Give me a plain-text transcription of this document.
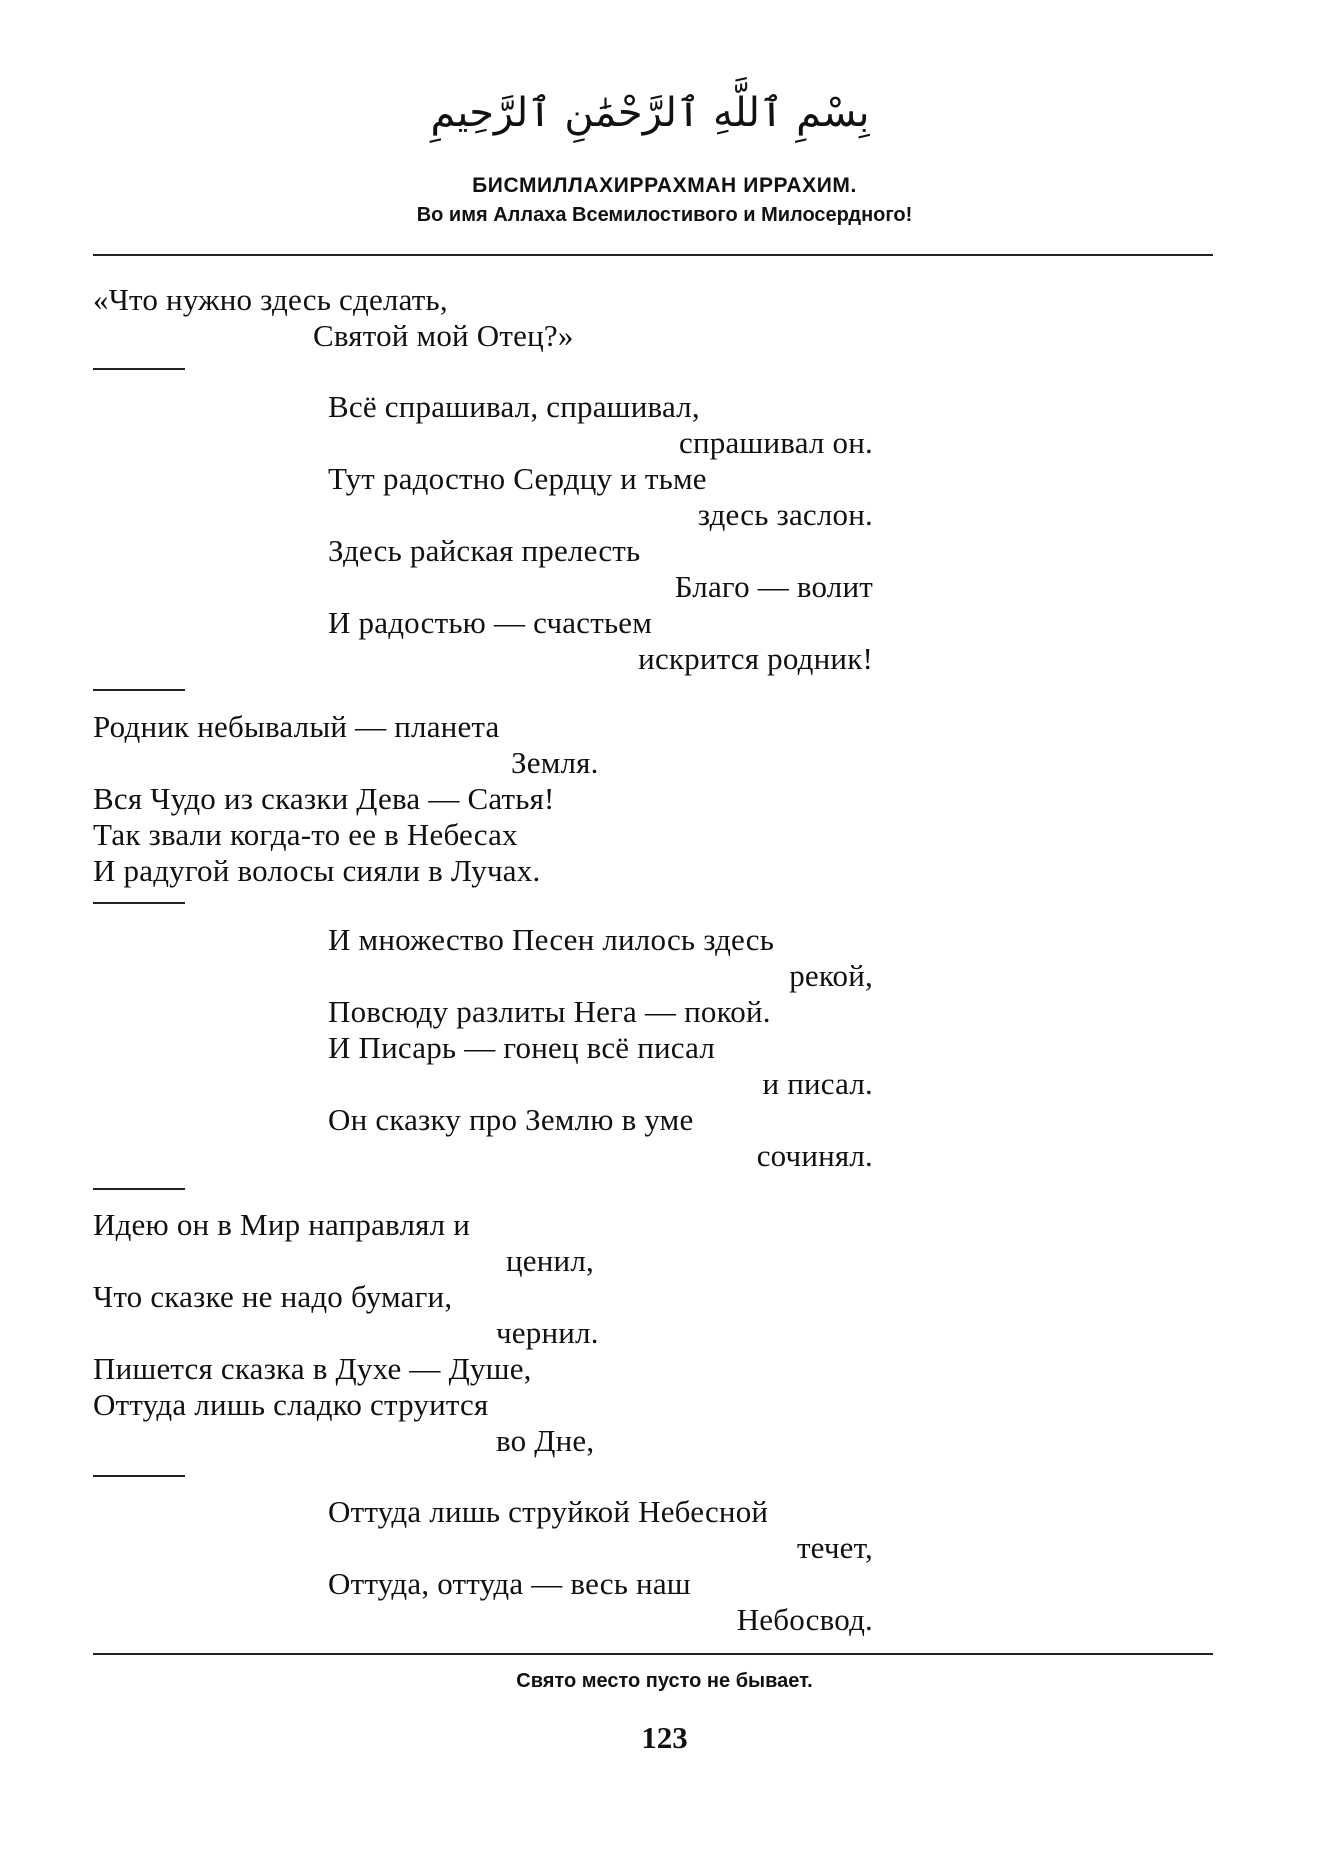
بِسْمِ ٱللَّهِ ٱلرَّحْمَٰنِ ٱلرَّحِيمِ
БИСМИЛЛАХИРРАХМАН ИРРАХИМ.
Во имя Аллаха Всемилостивого и Милосердного!
«Что нужно здесь сделать,
Святой мой Отец?»
Всё спрашивал, спрашивал,
спрашивал он.
Тут радостно Сердцу и тьме
здесь заслон.
Здесь райская прелесть
Благо — волит
И радостью — счастьем
искрится родник!
Родник небывалый — планета
Земля.
Вся Чудо из сказки Дева — Сатья!
Так звали когда-то ее в Небесах
И радугой волосы сияли в Лучах.
И множество Песен лилось здесь
рекой,
Повсюду разлиты Нега — покой.
И Писарь — гонец всё писал
и писал.
Он сказку про Землю в уме
сочинял.
Идею он в Мир направлял и
ценил,
Что сказке не надо бумаги,
чернил.
Пишется сказка в Духе — Душе,
Оттуда лишь сладко струится
во Дне,
Оттуда лишь струйкой Небесной
течет,
Оттуда, оттуда — весь наш
Небосвод.
Свято место пусто не бывает.
123
